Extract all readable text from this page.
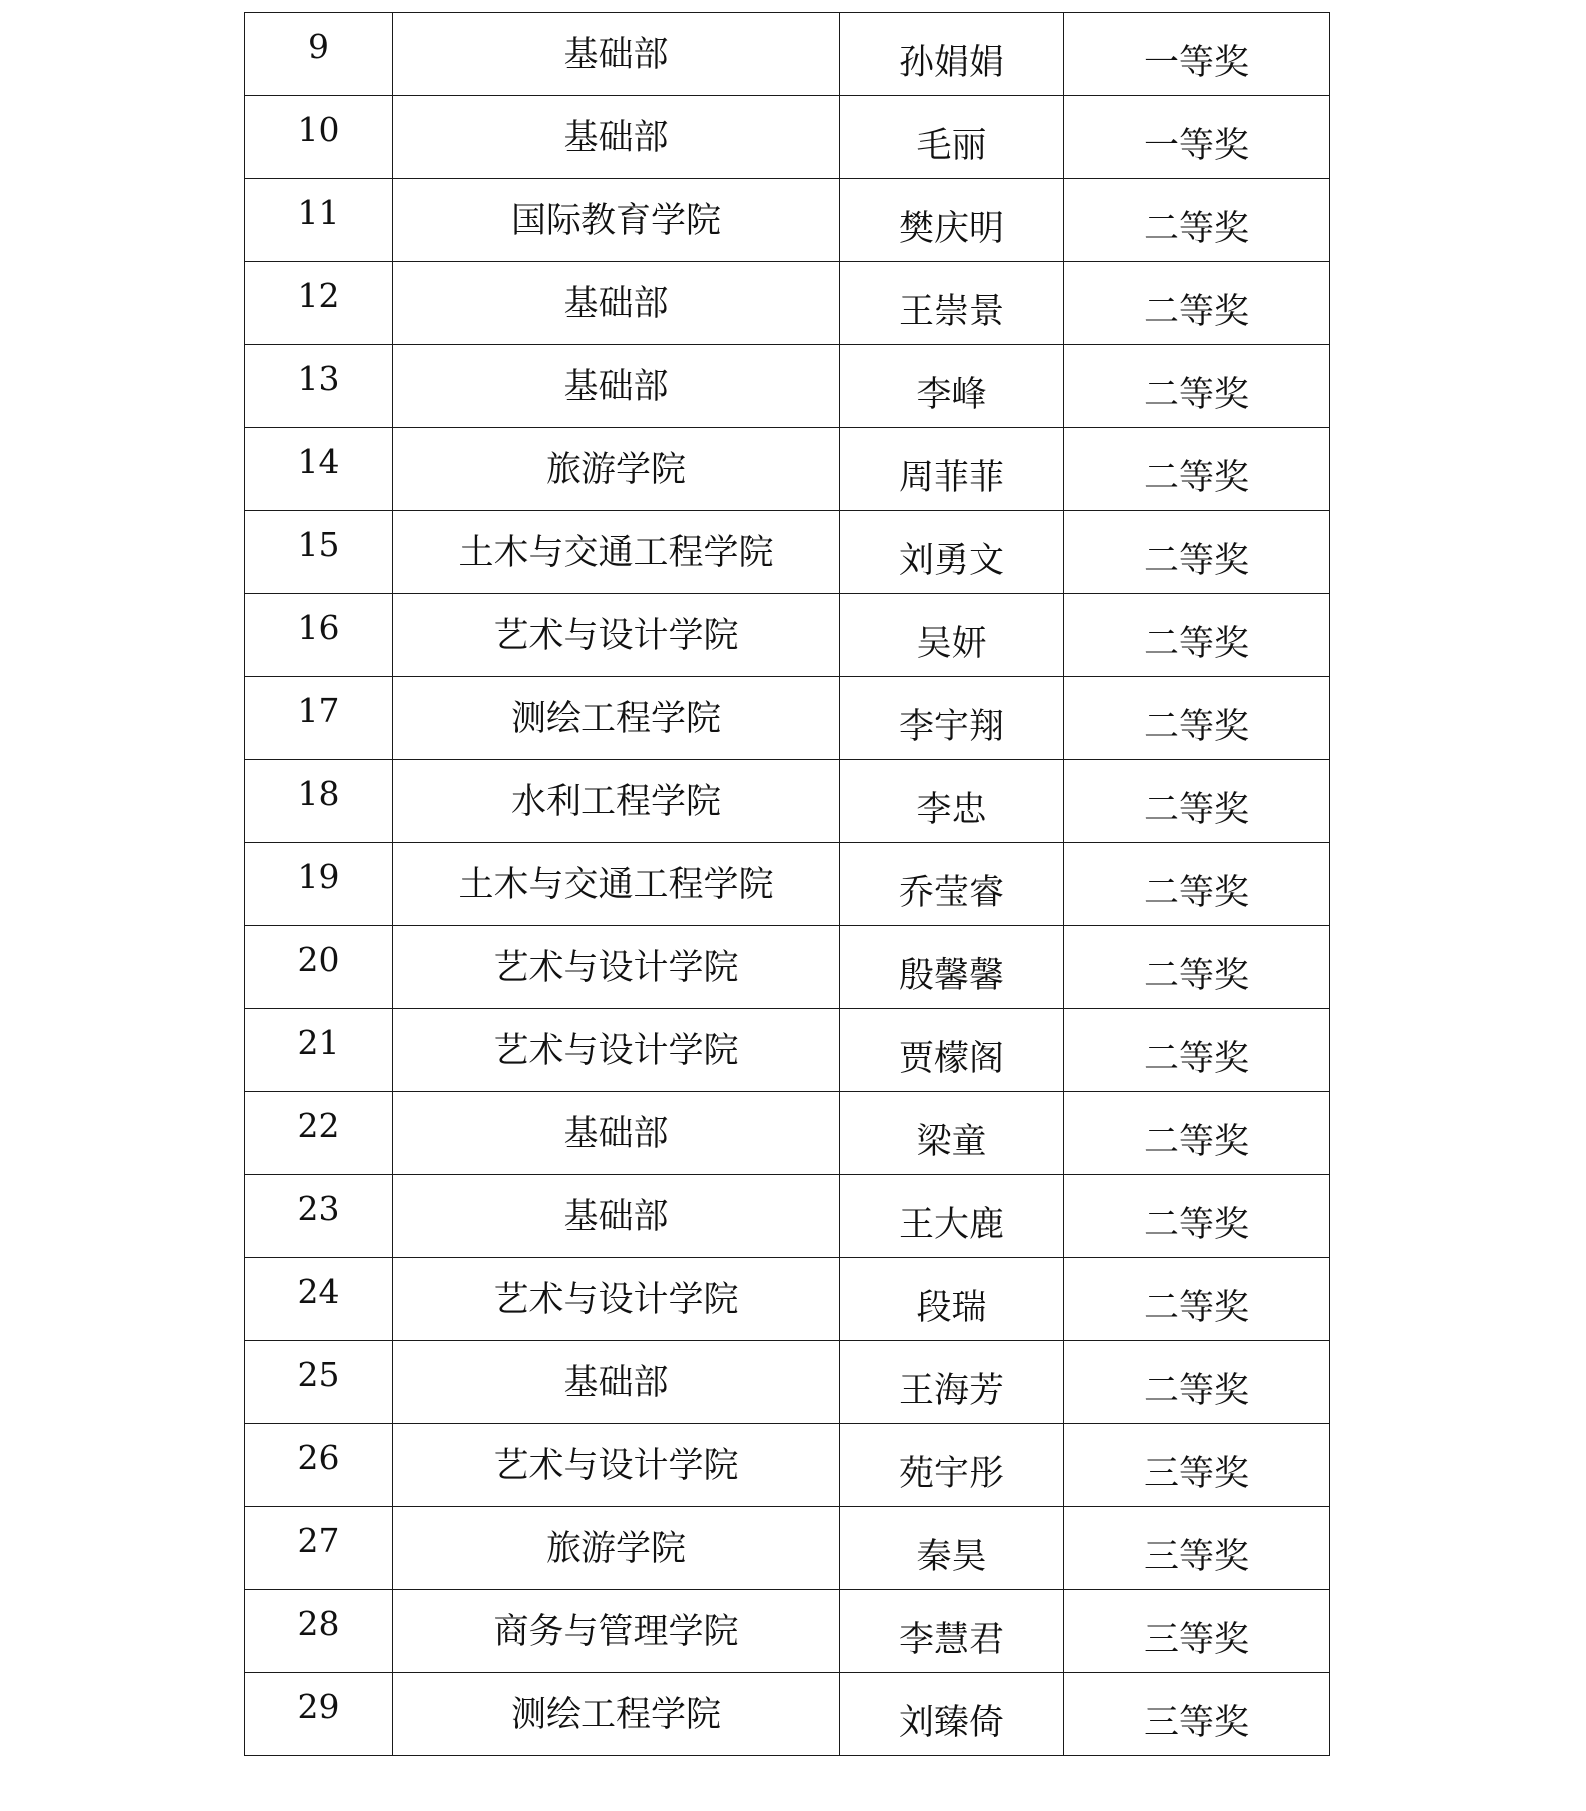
9	基础部	孙娟娟	一等奖
10	基础部	毛丽	一等奖
11	国际教育学院	樊庆明	二等奖
12	基础部	王崇景	二等奖
13	基础部	李峰	二等奖
14	旅游学院	周菲菲	二等奖
15	土木与交通工程学院	刘勇文	二等奖
16	艺术与设计学院	吴妍	二等奖
17	测绘工程学院	李宇翔	二等奖
18	水利工程学院	李忠	二等奖
19	土木与交通工程学院	乔莹睿	二等奖
20	艺术与设计学院	殷馨馨	二等奖
21	艺术与设计学院	贾檬阁	二等奖
22	基础部	梁童	二等奖
23	基础部	王大鹿	二等奖
24	艺术与设计学院	段瑞	二等奖
25	基础部	王海芳	二等奖
26	艺术与设计学院	苑宇彤	三等奖
27	旅游学院	秦昊	三等奖
28	商务与管理学院	李慧君	三等奖
29	测绘工程学院	刘臻倚	三等奖
